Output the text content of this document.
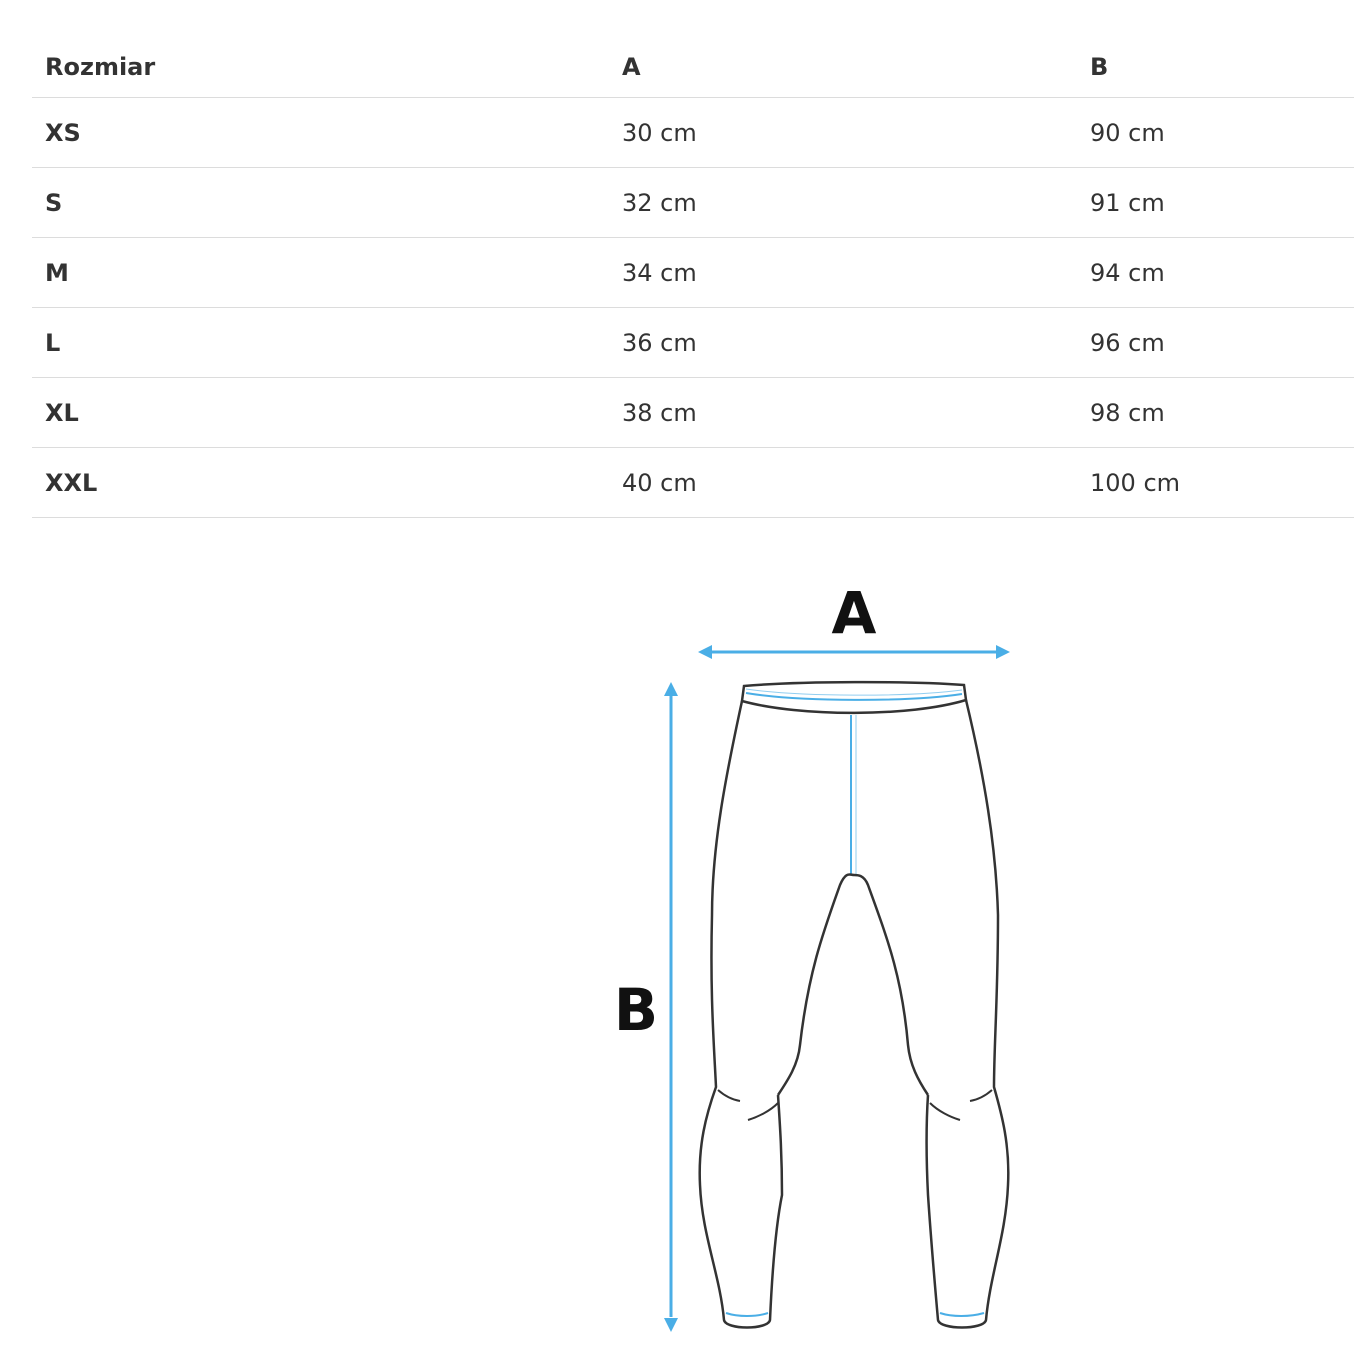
Rozmiar	A	B
XS	30 cm	90 cm
S	32 cm	91 cm
M	34 cm	94 cm
L	36 cm	96 cm
XL	38 cm	98 cm
XXL	40 cm	100 cm
A
B
